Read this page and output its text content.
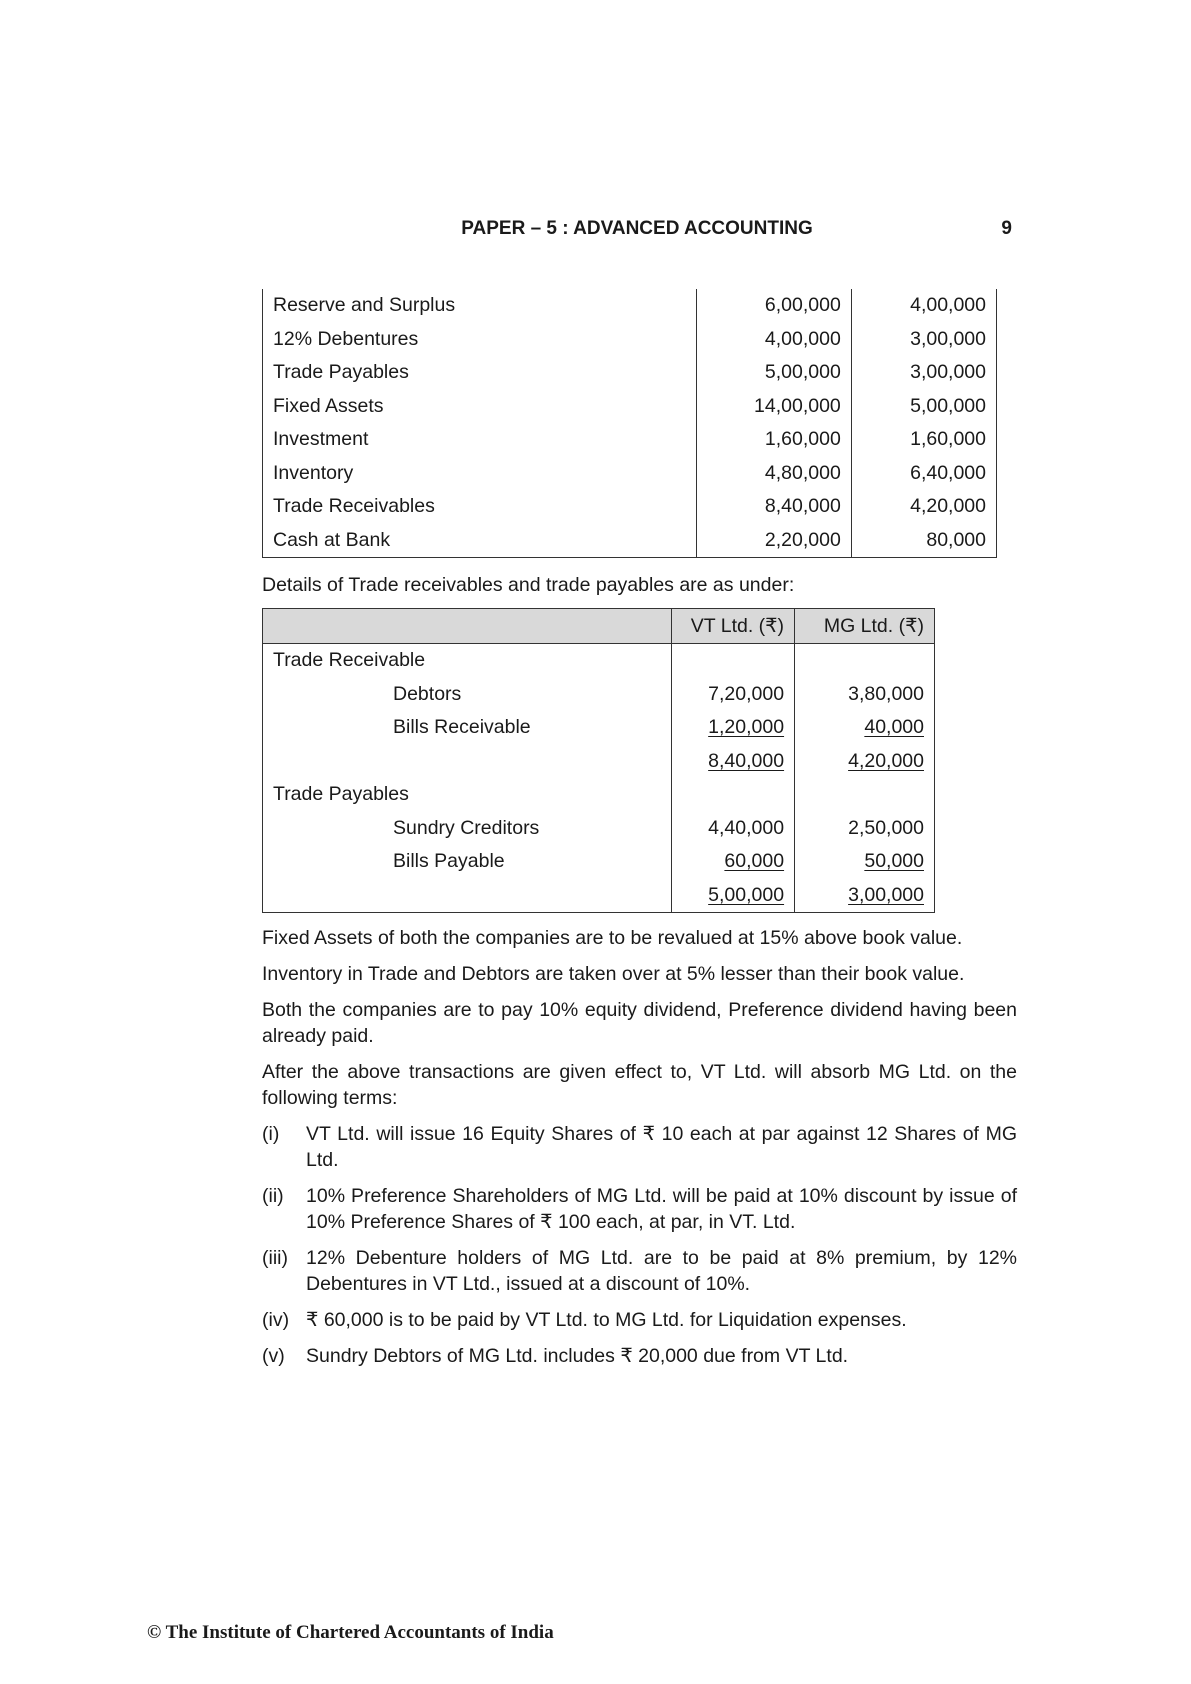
PAPER – 5 : ADVANCED ACCOUNTING	9
Reserve and Surplus	6,00,000	4,00,000
12% Debentures	4,00,000	3,00,000
Trade Payables	5,00,000	3,00,000
Fixed Assets	14,00,000	5,00,000
Investment	1,60,000	1,60,000
Inventory	4,80,000	6,40,000
Trade Receivables	8,40,000	4,20,000
Cash at Bank	2,20,000	80,000
Details of Trade receivables and trade payables are as under:
	VT Ltd. (₹)	MG Ltd. (₹)
Trade Receivable		
Debtors	7,20,000	3,80,000
Bills Receivable	1,20,000	40,000
	8,40,000	4,20,000
Trade Payables		
Sundry Creditors	4,40,000	2,50,000
Bills Payable	60,000	50,000
	5,00,000	3,00,000
Fixed Assets of both the companies are to be revalued at 15% above book value.
Inventory in Trade and Debtors are taken over at 5% lesser than their book value.
Both the companies are to pay 10% equity dividend, Preference dividend having been already paid.
After the above transactions are given effect to, VT Ltd. will absorb MG Ltd. on the following terms:
(i)	VT Ltd. will issue 16 Equity Shares of ₹ 10 each at par against 12 Shares of MG Ltd.
(ii)	10% Preference Shareholders of MG Ltd. will be paid at 10% discount by issue of 10% Preference Shares of ₹ 100 each, at par, in VT. Ltd.
(iii) 12% Debenture holders of MG Ltd. are to be paid at 8% premium, by 12% Debentures in VT Ltd., issued at a discount of 10%.
(iv) ₹ 60,000 is to be paid by VT Ltd. to MG Ltd. for Liquidation expenses.
(v)	Sundry Debtors of MG Ltd. includes ₹ 20,000 due from VT Ltd.
© The Institute of Chartered Accountants of India
